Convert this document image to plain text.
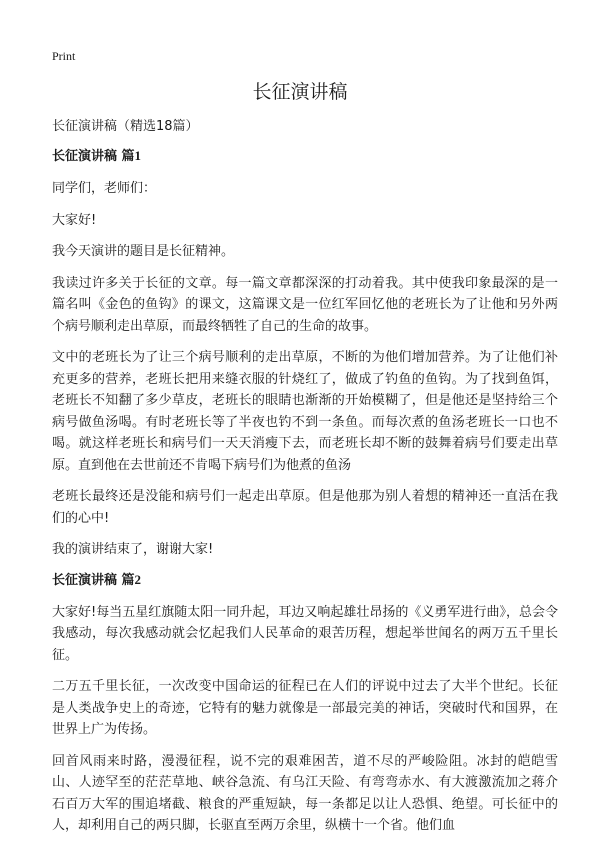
Print
长征演讲稿

长征演讲稿（精选18篇）

长征演讲稿 篇1

同学们，老师们：

大家好!

我今天演讲的题目是长征精神。

我读过许多关于长征的文章。每一篇文章都深深的打动着我。其中使我印象最深的是一篇名叫《金色的鱼钩》的课文，这篇课文是一位红军回忆他的老班长为了让他和另外两个病号顺利走出草原，而最终牺牲了自己的生命的故事。

文中的老班长为了让三个病号顺利的走出草原，不断的为他们增加营养。为了让他们补充更多的营养，老班长把用来缝衣服的针烧红了，做成了钓鱼的鱼钩。为了找到鱼饵，老班长不知翻了多少草皮，老班长的眼睛也渐渐的开始模糊了，但是他还是坚持给三个病号做鱼汤喝。有时老班长等了半夜也钓不到一条鱼。而每次煮的鱼汤老班长一口也不喝。就这样老班长和病号们一天天消瘦下去，而老班长却不断的鼓舞着病号们要走出草原。直到他在去世前还不肯喝下病号们为他煮的鱼汤

老班长最终还是没能和病号们一起走出草原。但是他那为别人着想的精神还一直活在我们的心中!

我的演讲结束了，谢谢大家!

长征演讲稿 篇2

大家好!每当五星红旗随太阳一同升起，耳边又响起雄壮昂扬的《义勇军进行曲》，总会令我感动，每次我感动就会忆起我们人民革命的艰苦历程，想起举世闻名的两万五千里长征。

二万五千里长征，一次改变中国命运的征程已在人们的评说中过去了大半个世纪。长征是人类战争史上的奇迹，它特有的魅力就像是一部最完美的神话，突破时代和国界，在世界上广为传扬。

回首风雨来时路，漫漫征程，说不完的艰难困苦，道不尽的严峻险阻。冰封的皑皑雪山、人迹罕至的茫茫草地、峡谷急流、有乌江天险、有弯弯赤水、有大渡激流加之蒋介石百万大军的围追堵截、粮食的严重短缺，每一条都足以让人恐惧、绝望。可长征中的人，却利用自己的两只脚，长驱直至两万余里，纵横十一个省。他们血
